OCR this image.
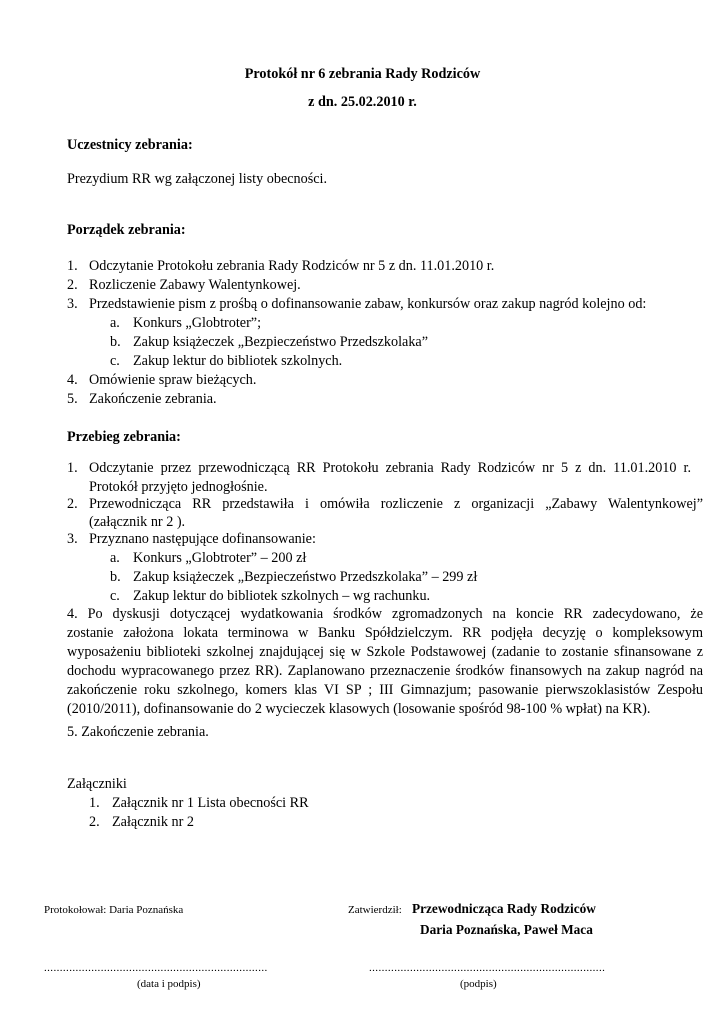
Protokół nr 6 zebrania Rady Rodziców
z dn. 25.02.2010 r.
Uczestnicy zebrania:
Prezydium RR wg załączonej listy obecności.
Porządek zebrania:
1. Odczytanie Protokołu zebrania Rady Rodziców nr 5 z dn. 11.01.2010 r.
2. Rozliczenie Zabawy Walentynkowej.
3. Przedstawienie pism z prośbą o dofinansowanie zabaw, konkursów oraz zakup nagród kolejno od:
a. Konkurs „Globtroter”;
b. Zakup książeczek „Bezpieczeństwo Przedszkolaka”
c. Zakup lektur do bibliotek szkolnych.
4. Omówienie spraw bieżących.
5. Zakończenie zebrania.
Przebieg zebrania:
1. Odczytanie przez przewodniczącą RR Protokołu zebrania Rady Rodziców nr 5 z dn. 11.01.2010 r.
Protokół przyjęto jednogłośnie.
2. Przewodnicząca RR przedstawiła i omówiła rozliczenie z organizacji „Zabawy Walentynkowej”
(załącznik nr 2 ).
3. Przyznano następujące dofinansowanie:
a. Konkurs „Globtroter” – 200 zł
b. Zakup książeczek „Bezpieczeństwo Przedszkolaka” – 299 zł
c. Zakup lektur do bibliotek szkolnych – wg rachunku.
4. Po dyskusji dotyczącej wydatkowania środków zgromadzonych na koncie RR zadecydowano, że
zostanie założona lokata terminowa w Banku Spółdzielczym. RR podjęła decyzję o kompleksowym
wyposażeniu biblioteki szkolnej znajdującej się w Szkole Podstawowej (zadanie to zostanie sfinansowane z
dochodu wypracowanego przez RR). Zaplanowano przeznaczenie środków finansowych na zakup nagród na
zakończenie roku szkolnego, komers klas VI SP ; III Gimnazjum; pasowanie pierwszoklasistów Zespołu
(2010/2011), dofinansowanie do 2 wycieczek klasowych (losowanie spośród 98-100 % wpłat) na KR).
5. Zakończenie zebrania.
Załączniki
1. Załącznik nr 1 Lista obecności RR
2. Załącznik nr 2
Protokołował: Daria Poznańska	Zatwierdził: Przewodnicząca Rady Rodziców
Daria Poznańska, Paweł Maca
.......................................................................	...........................................................................
(data i podpis)	(podpis)
